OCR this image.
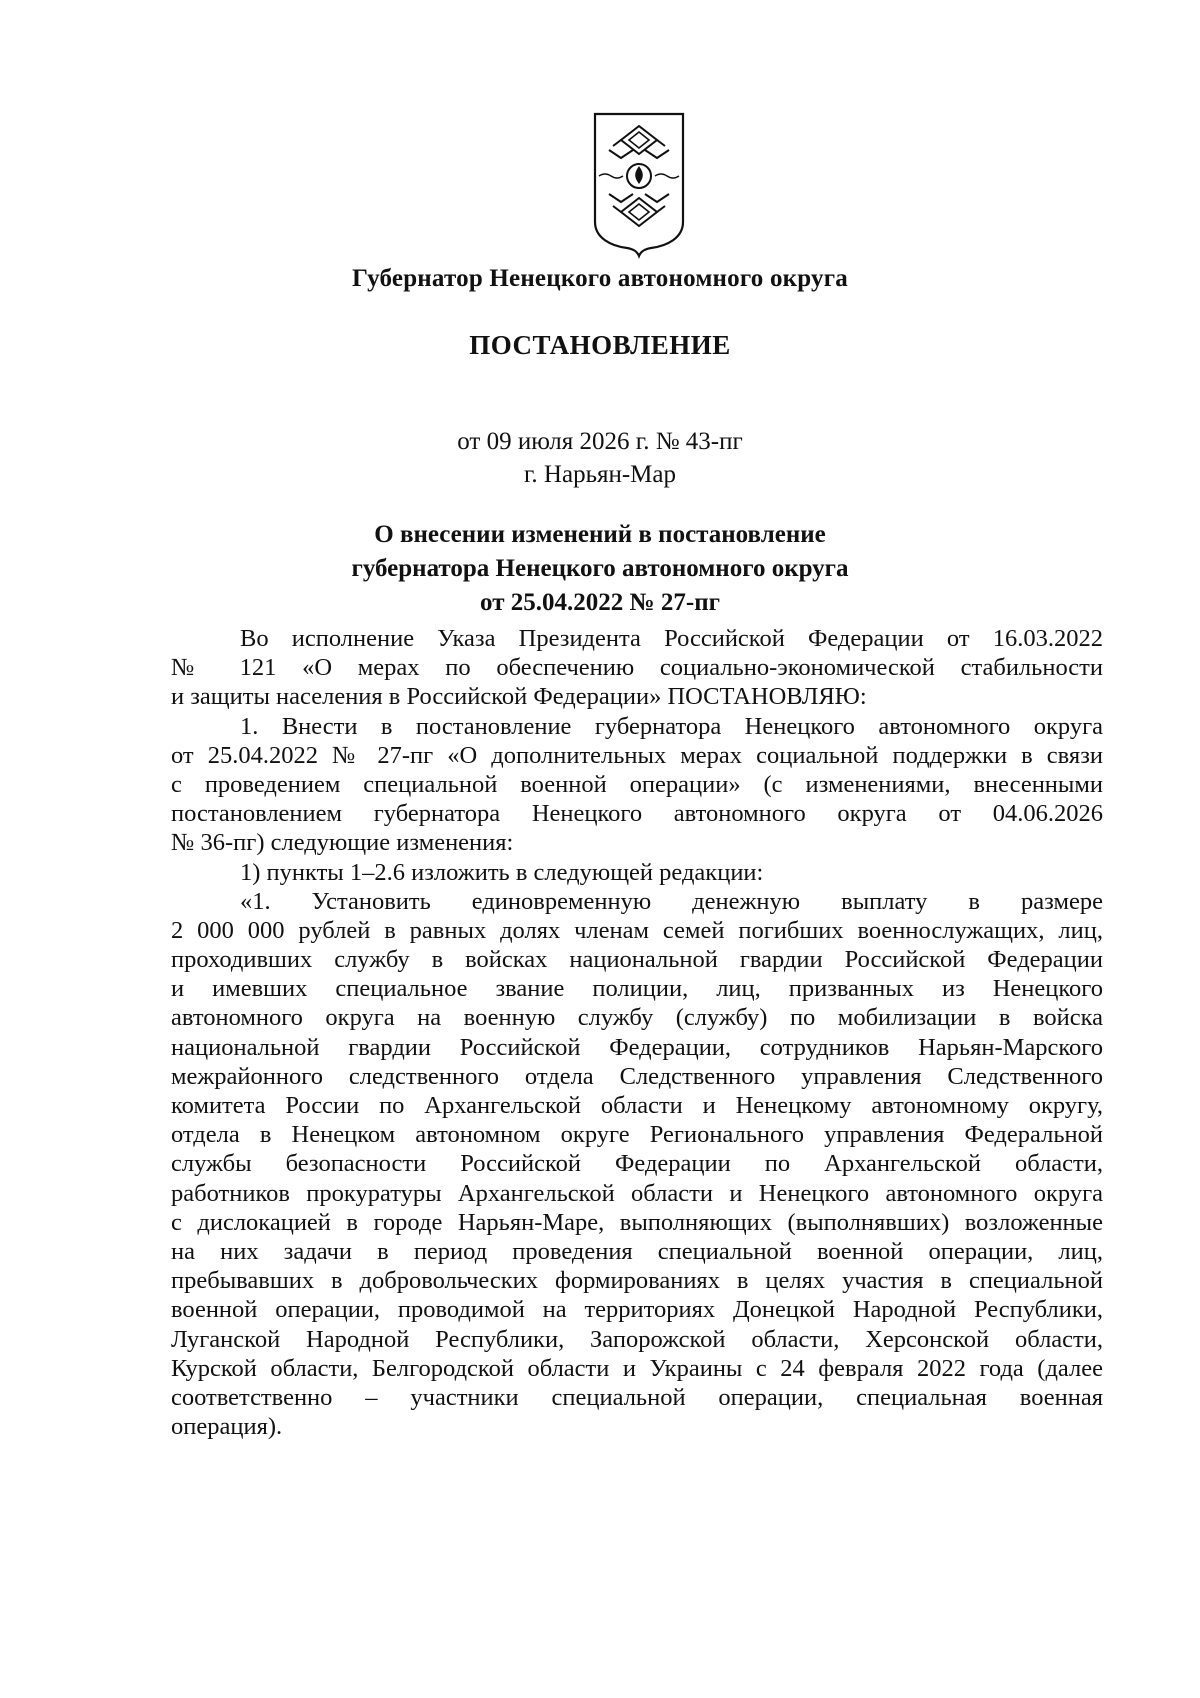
Губернатор Ненецкого автономного округа
ПОСТАНОВЛЕНИЕ
от 09 июля 2026 г. № 43-пг
г. Нарьян-Мар
О внесении изменений в постановление
губернатора Ненецкого автономного округа
от 25.04.2022 № 27-пг
Во исполнение Указа Президента Российской Федерации от 16.03.2022
№ 121 «О мерах по обеспечению социально-экономической стабильности
и защиты населения в Российской Федерации» ПОСТАНОВЛЯЮ:
1. Внести в постановление губернатора Ненецкого автономного округа
от 25.04.2022 № 27-пг «О дополнительных мерах социальной поддержки в связи
с проведением специальной военной операции» (с изменениями, внесенными
постановлением губернатора Ненецкого автономного округа от 04.06.2026
№ 36-пг) следующие изменения:
1) пункты 1–2.6 изложить в следующей редакции:
«1. Установить единовременную денежную выплату в размере
2 000 000 рублей в равных долях членам семей погибших военнослужащих, лиц,
проходивших службу в войсках национальной гвардии Российской Федерации
и имевших специальное звание полиции, лиц, призванных из Ненецкого
автономного округа на военную службу (службу) по мобилизации в войска
национальной гвардии Российской Федерации, сотрудников Нарьян-Марского
межрайонного следственного отдела Следственного управления Следственного
комитета России по Архангельской области и Ненецкому автономному округу,
отдела в Ненецком автономном округе Регионального управления Федеральной
службы безопасности Российской Федерации по Архангельской области,
работников прокуратуры Архангельской области и Ненецкого автономного округа
с дислокацией в городе Нарьян-Маре, выполняющих (выполнявших) возложенные
на них задачи в период проведения специальной военной операции, лиц,
пребывавших в добровольческих формированиях в целях участия в специальной
военной операции, проводимой на территориях Донецкой Народной Республики,
Луганской Народной Республики, Запорожской области, Херсонской области,
Курской области, Белгородской области и Украины с 24 февраля 2022 года (далее
соответственно – участники специальной операции, специальная военная
операция).
